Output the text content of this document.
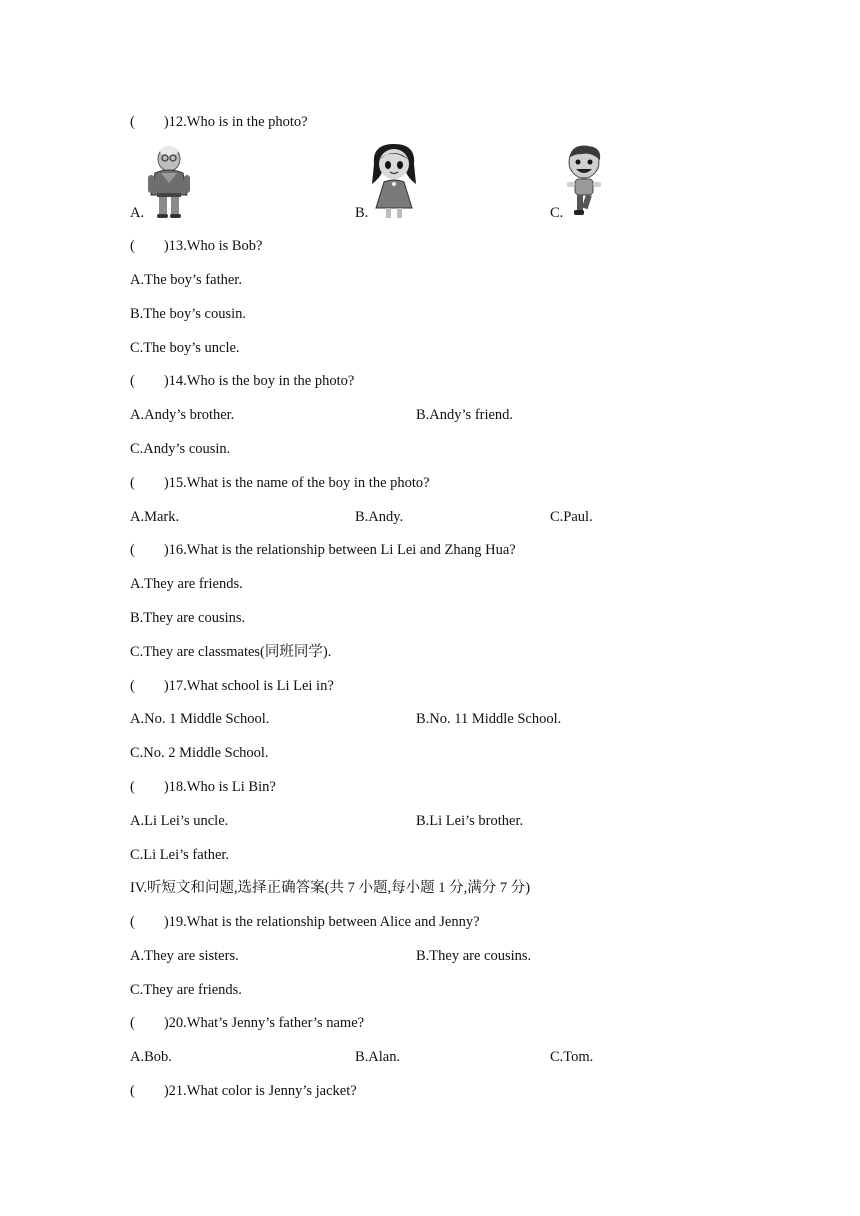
(        )12.Who is in the photo?
A.	B.	C.
(        )13.Who is Bob?
A.The boy’s father.
B.The boy’s cousin.
C.The boy’s uncle.
(        )14.Who is the boy in the photo?
A.Andy’s brother.	B.Andy’s friend.
C.Andy’s cousin.
(        )15.What is the name of the boy in the photo?
A.Mark.	B.Andy.	C.Paul.
(        )16.What is the relationship between Li Lei and Zhang Hua?
A.They are friends.
B.They are cousins.
C.They are classmates(同班同学).
(        )17.What school is Li Lei in?
A.No. 1 Middle School.	B.No. 11 Middle School.
C.No. 2 Middle School.
(        )18.Who is Li Bin?
A.Li Lei’s uncle.	B.Li Lei’s brother.
C.Li Lei’s father.
IV.听短文和问题,选择正确答案(共 7 小题,每小题 1 分,满分 7 分)
(        )19.What is the relationship between Alice and Jenny?
A.They are sisters.	B.They are cousins.
C.They are friends.
(        )20.What’s Jenny’s father’s name?
A.Bob.	B.Alan.	C.Tom.
(        )21.What color is Jenny’s jacket?
